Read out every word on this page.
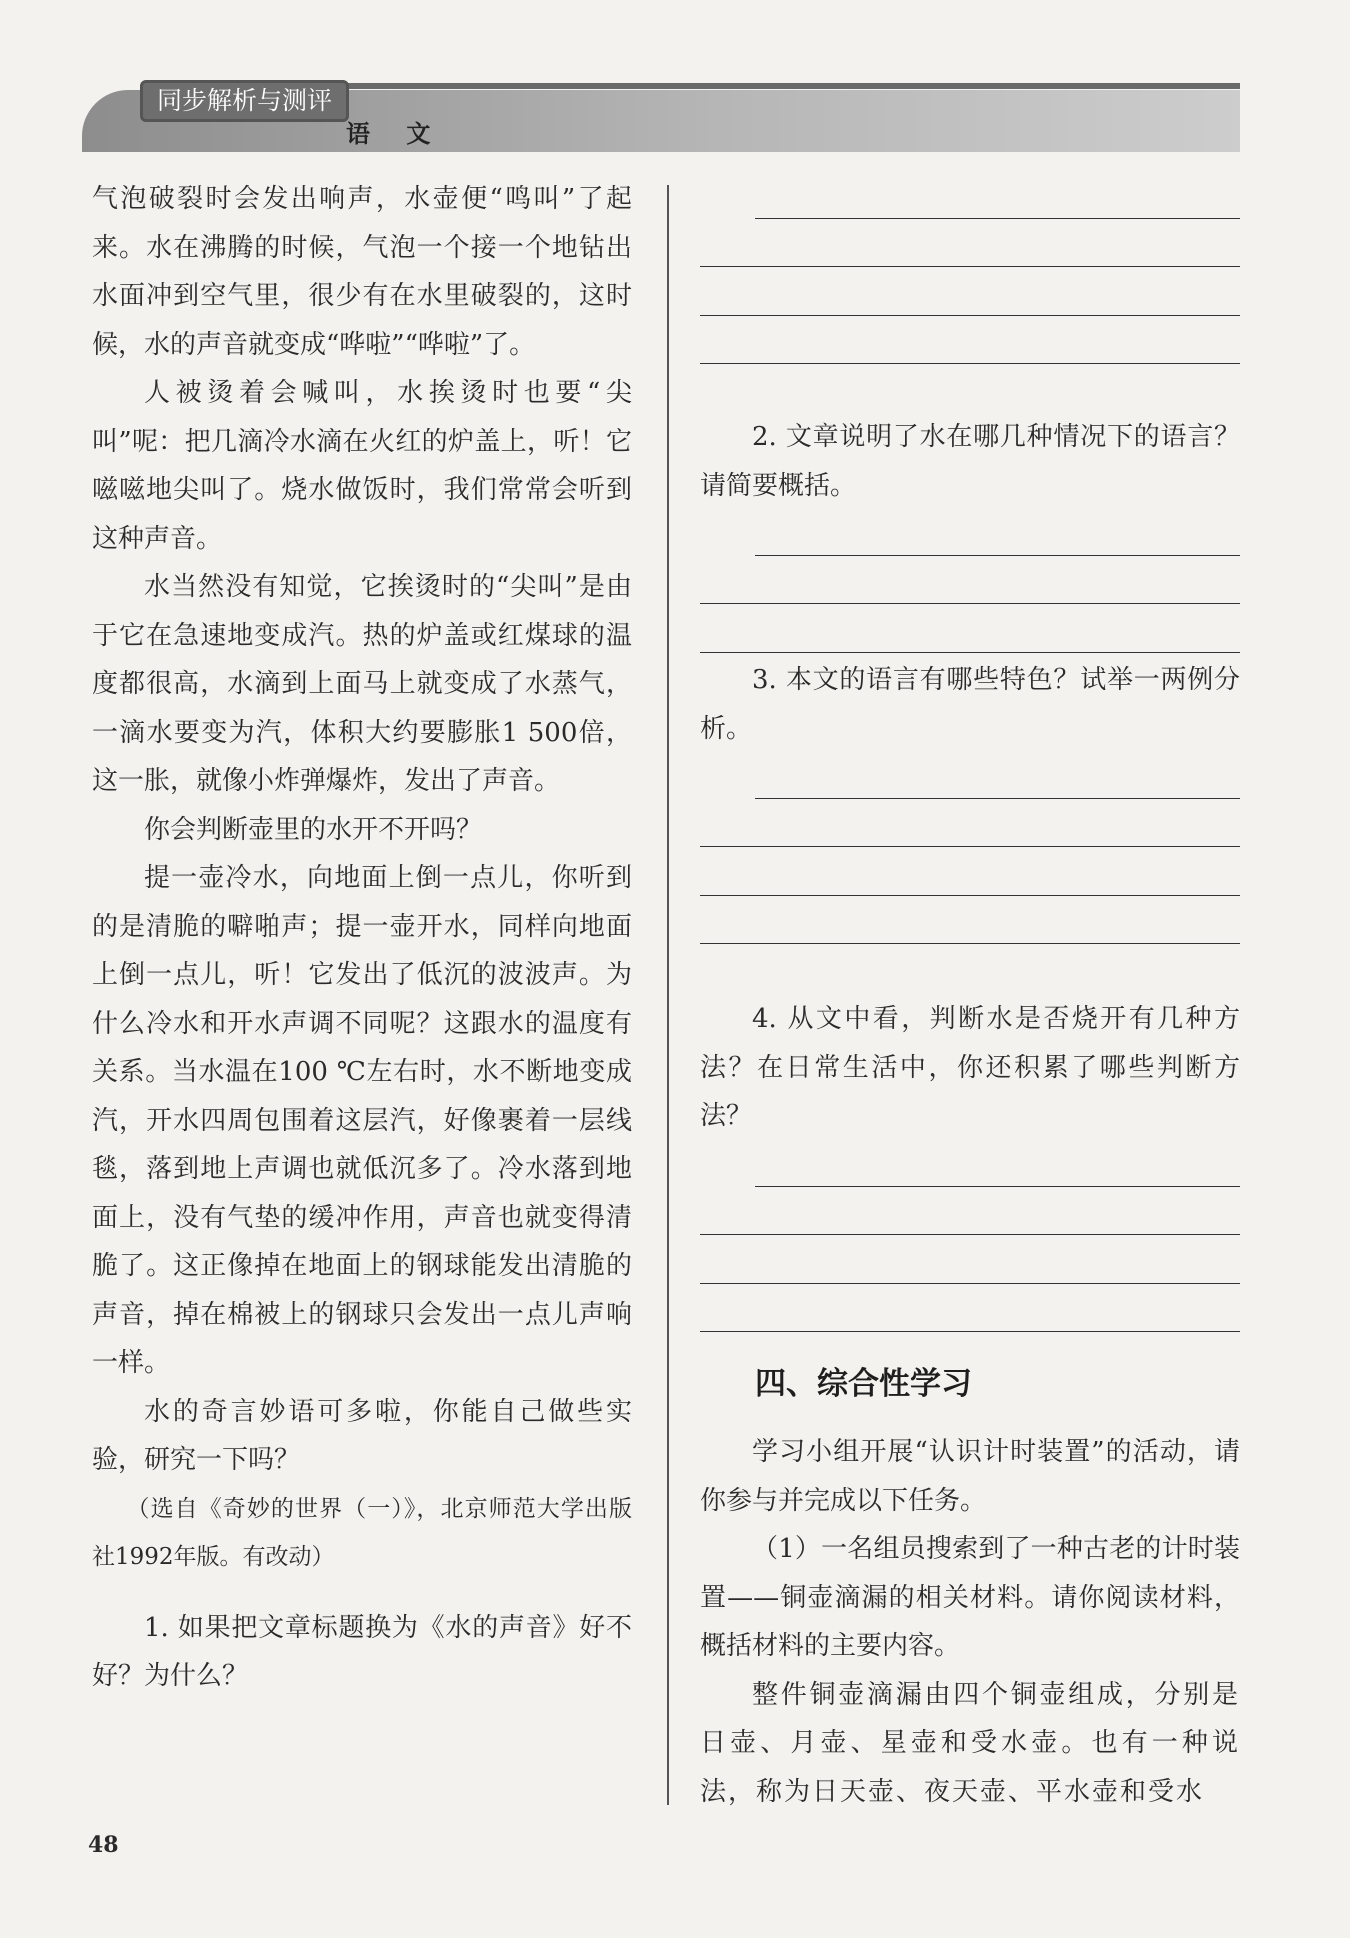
同步解析与测评
语 文

气泡破裂时会发出响声，水壶便“鸣叫”了起来。水在沸腾的时候，气泡一个接一个地钻出水面冲到空气里，很少有在水里破裂的，这时候，水的声音就变成“哗啦”“哗啦”了。

人被烫着会喊叫，水挨烫时也要“尖叫”呢：把几滴冷水滴在火红的炉盖上，听！它嗞嗞地尖叫了。烧水做饭时，我们常常会听到这种声音。

水当然没有知觉，它挨烫时的“尖叫”是由于它在急速地变成汽。热的炉盖或红煤球的温度都很高，水滴到上面马上就变成了水蒸气，一滴水要变为汽，体积大约要膨胀1 500倍，这一胀，就像小炸弹爆炸，发出了声音。

你会判断壶里的水开不开吗？

提一壶冷水，向地面上倒一点儿，你听到的是清脆的噼啪声；提一壶开水，同样向地面上倒一点儿，听！它发出了低沉的波波声。为什么冷水和开水声调不同呢？这跟水的温度有关系。当水温在100 ℃左右时，水不断地变成汽，开水四周包围着这层汽，好像裹着一层线毯，落到地上声调也就低沉多了。冷水落到地面上，没有气垫的缓冲作用，声音也就变得清脆了。这正像掉在地面上的钢球能发出清脆的声音，掉在棉被上的钢球只会发出一点儿声响一样。

水的奇言妙语可多啦，你能自己做些实验，研究一下吗？

（选自《奇妙的世界（一）》，北京师范大学出版社1992年版。有改动）

1. 如果把文章标题换为《水的声音》好不好？为什么？

2. 文章说明了水在哪几种情况下的语言？请简要概括。

3. 本文的语言有哪些特色？试举一两例分析。

4. 从文中看，判断水是否烧开有几种方法？在日常生活中，你还积累了哪些判断方法？

四、综合性学习

学习小组开展“认识计时装置”的活动，请你参与并完成以下任务。

（1）一名组员搜索到了一种古老的计时装置——铜壶滴漏的相关材料。请你阅读材料，概括材料的主要内容。

整件铜壶滴漏由四个铜壶组成，分别是日壶、月壶、星壶和受水壶。也有一种说法，称为日天壶、夜天壶、平水壶和受水

48
